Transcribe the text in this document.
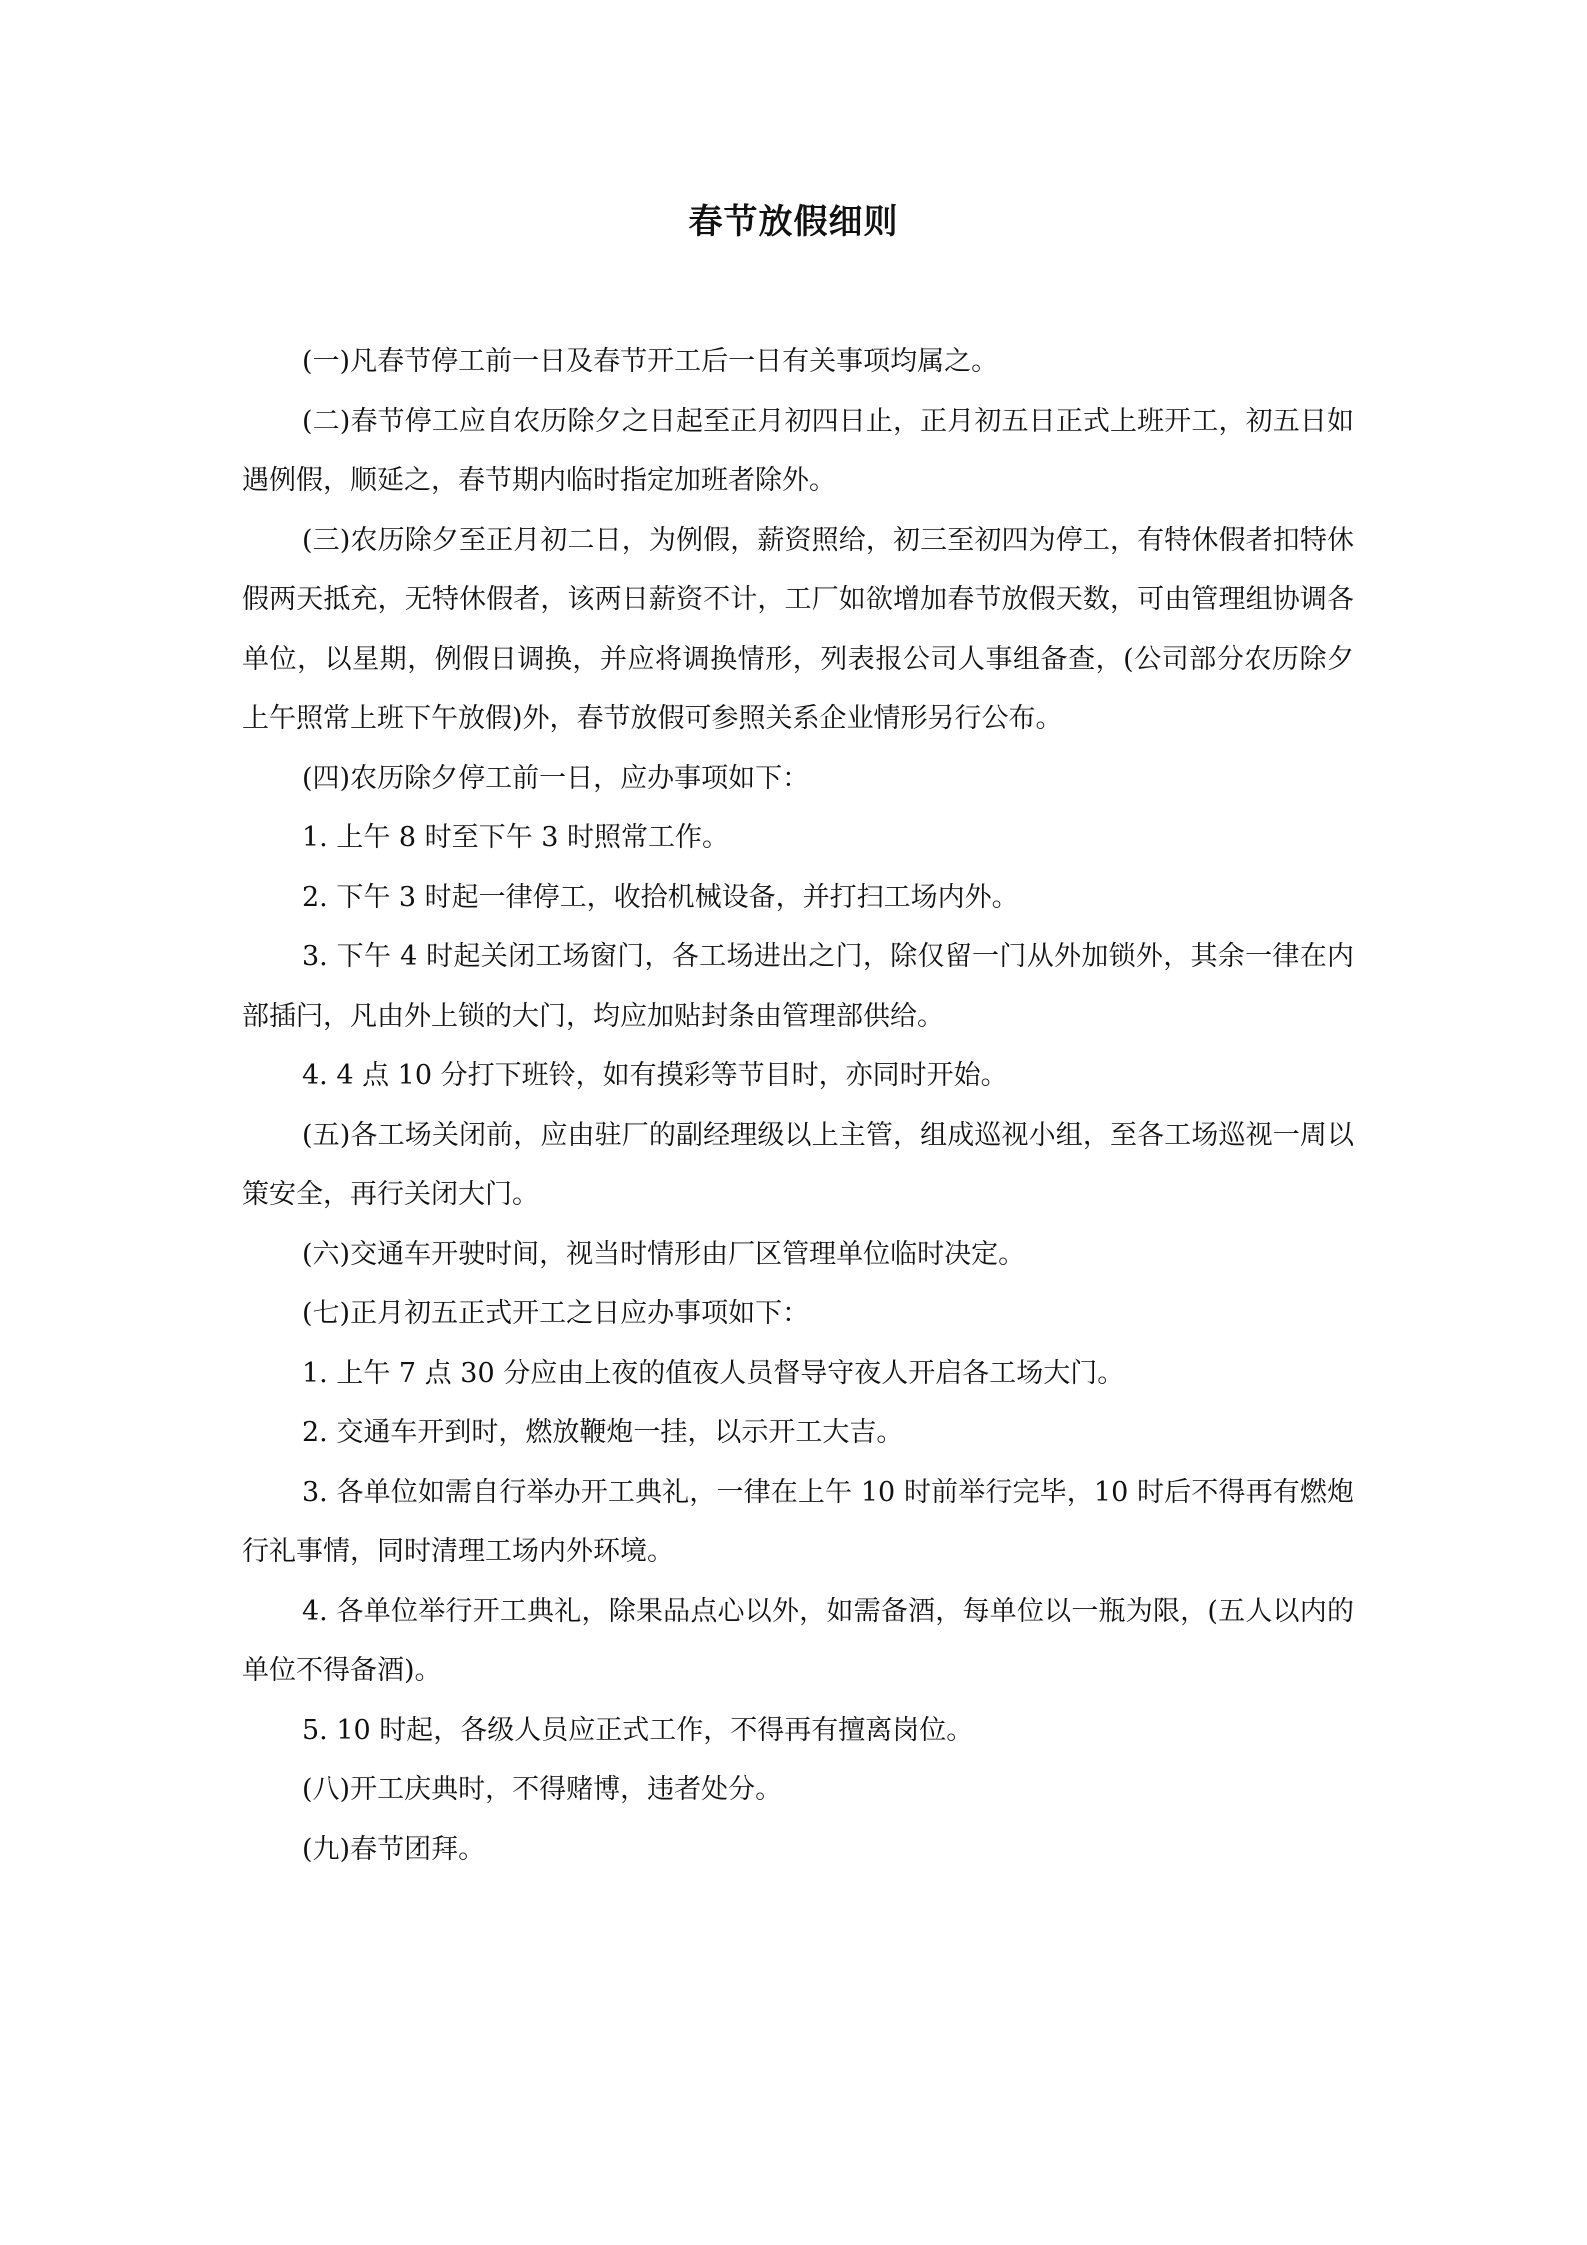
春节放假细则

(一)凡春节停工前一日及春节开工后一日有关事项均属之。

(二)春节停工应自农历除夕之日起至正月初四日止，正月初五日正式上班开工，初五日如遇例假，顺延之，春节期内临时指定加班者除外。

(三)农历除夕至正月初二日，为例假，薪资照给，初三至初四为停工，有特休假者扣特休假两天抵充，无特休假者，该两日薪资不计，工厂如欲增加春节放假天数，可由管理组协调各单位，以星期，例假日调换，并应将调换情形，列表报公司人事组备查，(公司部分农历除夕上午照常上班下午放假)外，春节放假可参照关系企业情形另行公布。

(四)农历除夕停工前一日，应办事项如下：

1. 上午 8 时至下午 3 时照常工作。

2. 下午 3 时起一律停工，收拾机械设备，并打扫工场内外。

3. 下午 4 时起关闭工场窗门，各工场进出之门，除仅留一门从外加锁外，其余一律在内部插闩，凡由外上锁的大门，均应加贴封条由管理部供给。

4. 4 点 10 分打下班铃，如有摸彩等节目时，亦同时开始。

(五)各工场关闭前，应由驻厂的副经理级以上主管，组成巡视小组，至各工场巡视一周以策安全，再行关闭大门。

(六)交通车开驶时间，视当时情形由厂区管理单位临时决定。

(七)正月初五正式开工之日应办事项如下：

1. 上午 7 点 30 分应由上夜的值夜人员督导守夜人开启各工场大门。

2. 交通车开到时，燃放鞭炮一挂，以示开工大吉。

3. 各单位如需自行举办开工典礼，一律在上午 10 时前举行完毕，10 时后不得再有燃炮行礼事情，同时清理工场内外环境。

4. 各单位举行开工典礼，除果品点心以外，如需备酒，每单位以一瓶为限，(五人以内的单位不得备酒)。

5. 10 时起，各级人员应正式工作，不得再有擅离岗位。

(八)开工庆典时，不得赌博，违者处分。

(九)春节团拜。
